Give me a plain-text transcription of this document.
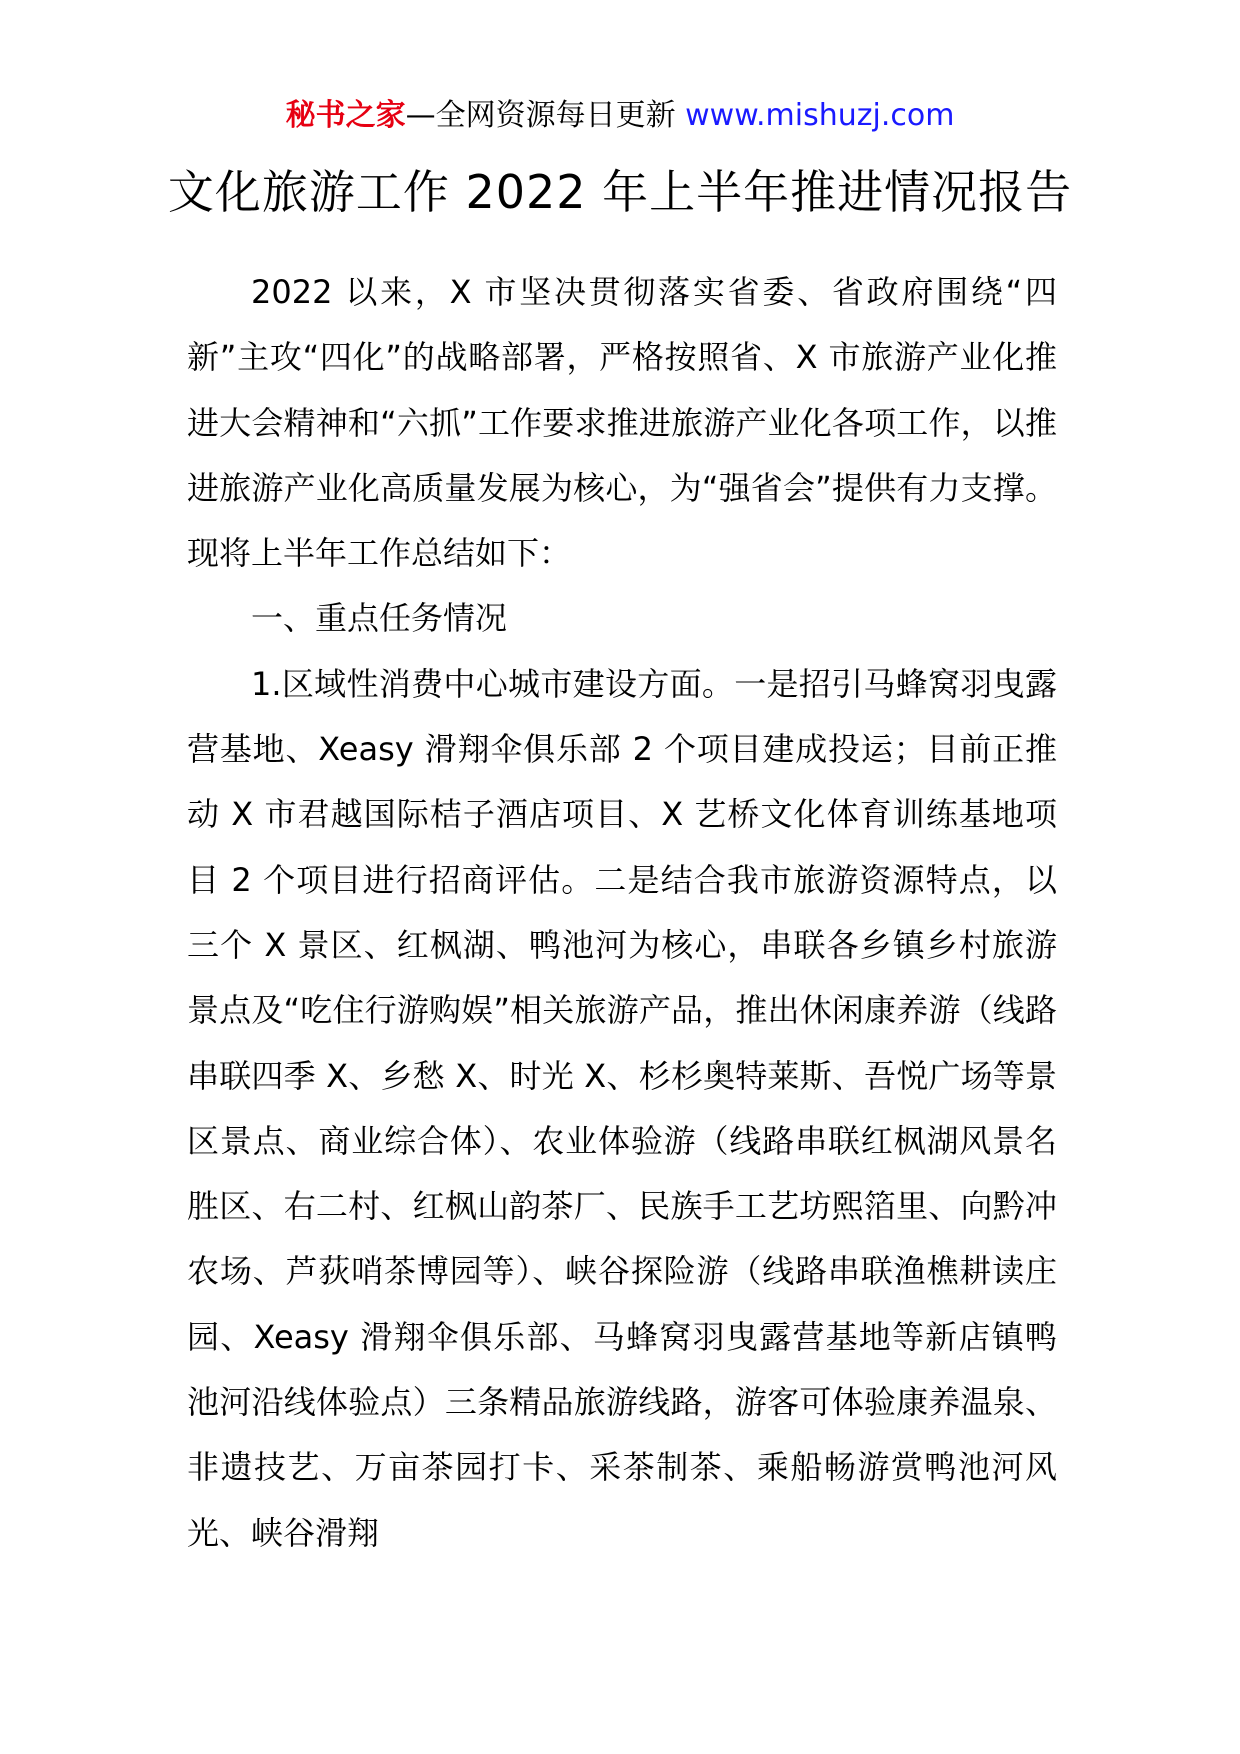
秘书之家—全网资源每日更新 www.mishuzj.com
文化旅游工作 2022 年上半年推进情况报告

2022 以来，X 市坚决贯彻落实省委、省政府围绕“四新”主攻“四化”的战略部署，严格按照省、X 市旅游产业化推进大会精神和“六抓”工作要求推进旅游产业化各项工作，以推进旅游产业化高质量发展为核心，为“强省会”提供有力支撑。现将上半年工作总结如下：

一、重点任务情况

1.区域性消费中心城市建设方面。一是招引马蜂窝羽曳露营基地、Xeasy 滑翔伞俱乐部 2 个项目建成投运；目前正推动 X 市君越国际桔子酒店项目、X 艺桥文化体育训练基地项目 2 个项目进行招商评估。二是结合我市旅游资源特点，以三个 X 景区、红枫湖、鸭池河为核心，串联各乡镇乡村旅游景点及“吃住行游购娱”相关旅游产品，推出休闲康养游（线路串联四季 X、乡愁 X、时光 X、杉杉奥特莱斯、吾悦广场等景区景点、商业综合体）、农业体验游（线路串联红枫湖风景名胜区、右二村、红枫山韵茶厂、民族手工艺坊熙箔里、向黔冲农场、芦荻哨茶博园等）、峡谷探险游（线路串联渔樵耕读庄园、Xeasy 滑翔伞俱乐部、马蜂窝羽曳露营基地等新店镇鸭池河沿线体验点）三条精品旅游线路，游客可体验康养温泉、非遗技艺、万亩茶园打卡、采茶制茶、乘船畅游赏鸭池河风光、峡谷滑翔
